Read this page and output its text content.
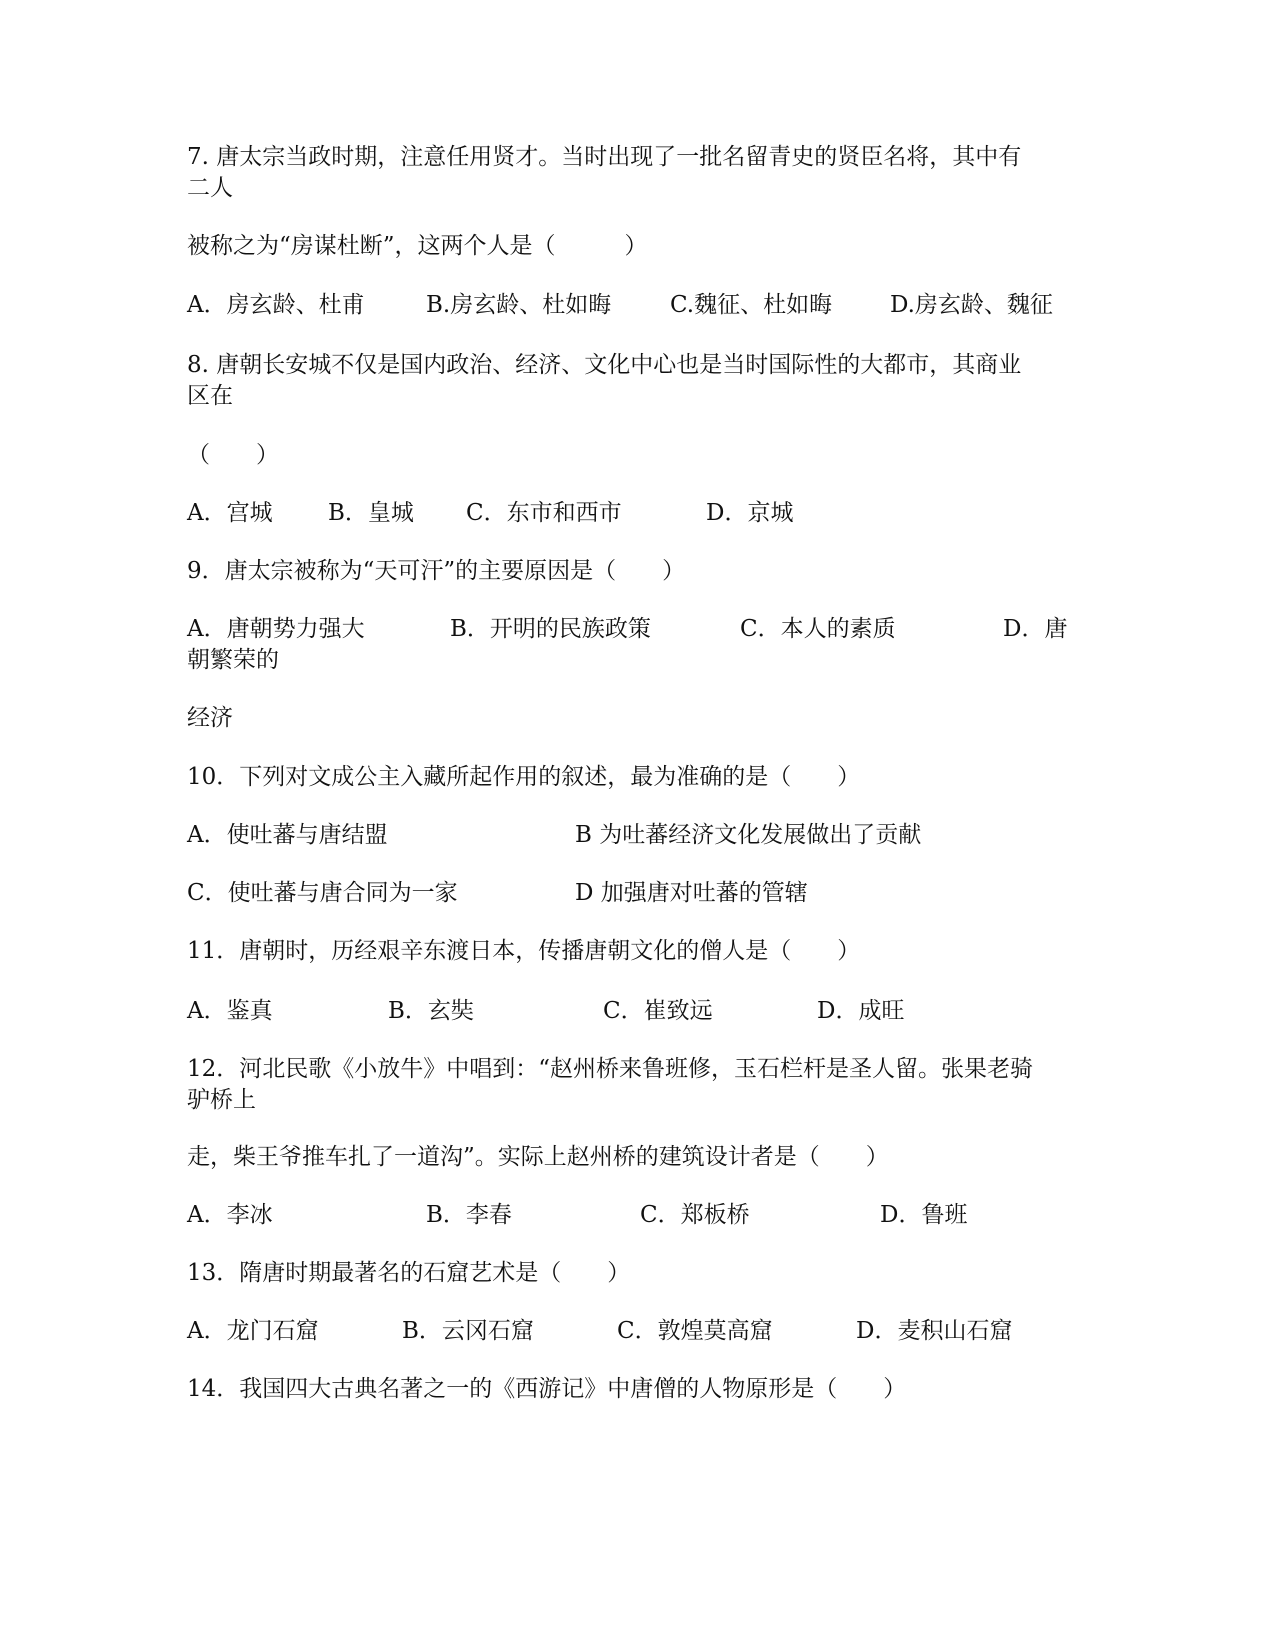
7. 唐太宗当政时期，注意任用贤才。当时出现了一批名留青史的贤臣名将，其中有
二人
被称之为“房谋杜断”，这两个人是（　　　）
A．房玄龄、杜甫	B.房玄龄、杜如晦	C.魏征、杜如晦	D.房玄龄、魏征
8. 唐朝长安城不仅是国内政治、经济、文化中心也是当时国际性的大都市，其商业
区在
（　　）
A．宫城 B．皇城 C．东市和西市	D．京城
9．唐太宗被称为“天可汗”的主要原因是（　　）
A．唐朝势力强大	B．开明的民族政策	C．本人的素质	D．唐
朝繁荣的
经济
10．下列对文成公主入藏所起作用的叙述，最为准确的是（　　）
A．使吐蕃与唐结盟	B 为吐蕃经济文化发展做出了贡献
C．使吐蕃与唐合同为一家	D 加强唐对吐蕃的管辖
11．唐朝时，历经艰辛东渡日本，传播唐朝文化的僧人是（　　）
A．鉴真	B．玄奘	C．崔致远	D．成旺
12．河北民歌《小放牛》中唱到：“赵州桥来鲁班修，玉石栏杆是圣人留。张果老骑
驴桥上
走，柴王爷推车扎了一道沟”。实际上赵州桥的建筑设计者是（　　）
A．李冰	B．李春	C．郑板桥	D．鲁班
13．隋唐时期最著名的石窟艺术是（　　）
A．龙门石窟	B．云冈石窟	C．敦煌莫高窟	D．麦积山石窟
14．我国四大古典名著之一的《西游记》中唐僧的人物原形是（　　）
